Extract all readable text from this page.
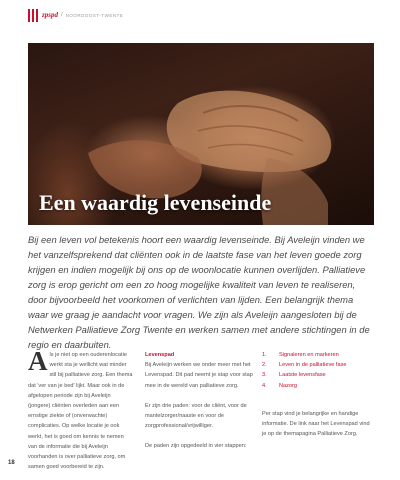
zpspd / NOORDOOST-TWENTE
Een waardig levenseinde

Bij een leven vol betekenis hoort een waardig levenseinde. Bij Aveleijn vinden we het vanzelfsprekend dat cliënten ook in de laatste fase van het leven goede zorg krijgen en indien mogelijk bij ons op de woonlocatie kunnen overlijden. Palliatieve zorg is erop gericht om een zo hoog mogelijke kwaliteit van leven te realiseren, door bijvoorbeeld het voorkomen of verlichten van lijden. Een belangrijk thema waar we graag je aandacht voor vragen. We zijn als Aveleijn aangesloten bij de Netwerken Palliatieve Zorg Twente en werken samen met andere stichtingen in de regio en daarbuiten.

A ls je niet op een ouderenlocatie werkt sta je wellicht wat minder stil bij palliatieve zorg. Een thema dat 'ver van je bed' lijkt. Maar ook in de afgelopen periode zijn bij Aveleijn (jongere) cliënten overleden aan een ernstige ziekte of (onverwachte) complicaties. Op welke locatie je ook werkt, het is goed om kennis te nemen van de informatie die bij Aveleijn voorhanden is over palliatieve zorg, om samen goed voorbereid te zijn.

Levenspad

Bij Aveleijn werken we onder meer met het Levenspad. Dit pad neemt je stap voor stap mee in de wereld van palliatieve zorg.

Er zijn drie paden: voor de cliënt, voor de mantelzorger/naaste en voor de zorgprofessional/vrijwilliger.

De paden zijn opgedeeld in vier stappen:

1.	Signaleren en markeren
2.	Leven in de palliatieve fase
3.	Laatste levensfase
4.	Nazorg

Per stap vind je belangrijke en handige informatie. De link naar het Levenspad vind je op de themapagina Palliatieve Zorg.

18
